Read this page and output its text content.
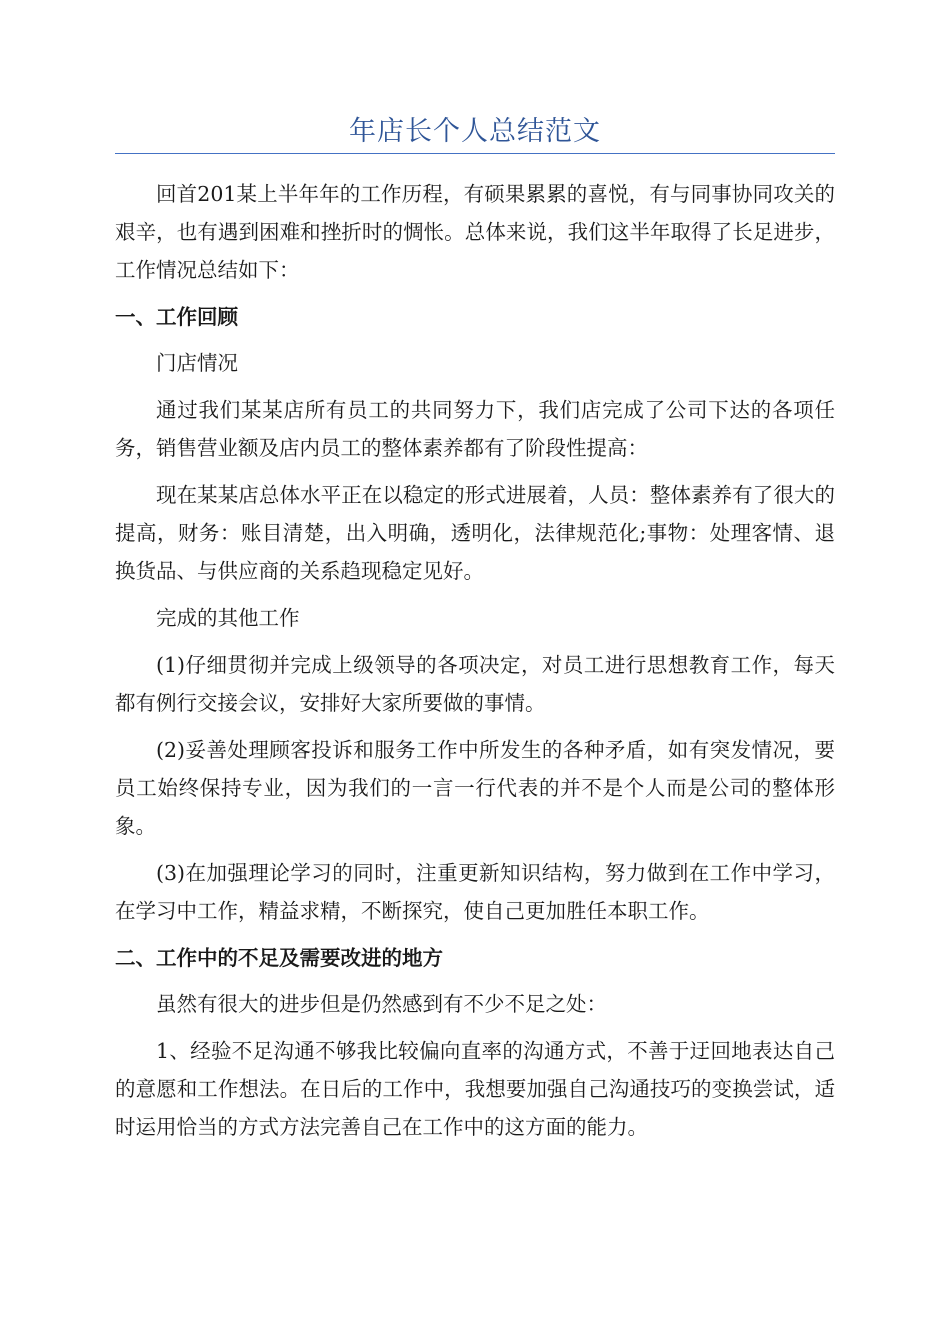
年店长个人总结范文

回首201某上半年年的工作历程，有硕果累累的喜悦，有与同事协同攻关的艰辛，也有遇到困难和挫折时的惆怅。总体来说，我们这半年取得了长足进步，工作情况总结如下：

一、工作回顾

门店情况

通过我们某某店所有员工的共同努力下，我们店完成了公司下达的各项任务，销售营业额及店内员工的整体素养都有了阶段性提高：

现在某某店总体水平正在以稳定的形式进展着，人员：整体素养有了很大的提高，财务：账目清楚，出入明确，透明化，法律规范化;事物：处理客情、退换货品、与供应商的关系趋现稳定见好。

完成的其他工作

(1)仔细贯彻并完成上级领导的各项决定，对员工进行思想教育工作，每天都有例行交接会议，安排好大家所要做的事情。

(2)妥善处理顾客投诉和服务工作中所发生的各种矛盾，如有突发情况，要员工始终保持专业，因为我们的一言一行代表的并不是个人而是公司的整体形象。

(3)在加强理论学习的同时，注重更新知识结构，努力做到在工作中学习，在学习中工作，精益求精，不断探究，使自己更加胜任本职工作。

二、工作中的不足及需要改进的地方

虽然有很大的进步但是仍然感到有不少不足之处：

1、经验不足沟通不够我比较偏向直率的沟通方式，不善于迂回地表达自己的意愿和工作想法。在日后的工作中，我想要加强自己沟通技巧的变换尝试，适时运用恰当的方式方法完善自己在工作中的这方面的能力。
